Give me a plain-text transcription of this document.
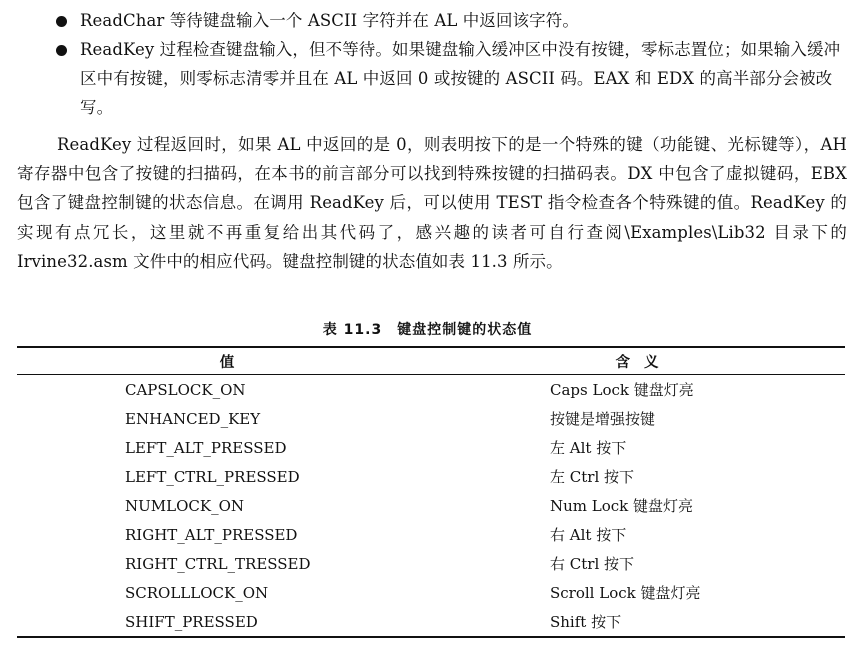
ReadChar 等待键盘输入一个 ASCII 字符并在 AL 中返回该字符。
ReadKey 过程检查键盘输入，但不等待。如果键盘输入缓冲区中没有按键，零标志置位；如果输入缓冲区中有按键，则零标志清零并且在 AL 中返回 0 或按键的 ASCII 码。EAX 和 EDX 的高半部分会被改写。

ReadKey 过程返回时，如果 AL 中返回的是 0，则表明按下的是一个特殊的键（功能键、光标键等），AH 寄存器中包含了按键的扫描码，在本书的前言部分可以找到特殊按键的扫描码表。DX 中包含了虚拟键码，EBX 包含了键盘控制键的状态信息。在调用 ReadKey 后，可以使用 TEST 指令检查各个特殊键的值。ReadKey 的实现有点冗长，这里就不再重复给出其代码了，感兴趣的读者可自行查阅\Examples\Lib32 目录下的 Irvine32.asm 文件中的相应代码。键盘控制键的状态值如表 11.3 所示。

表 11.3　键盘控制键的状态值
值	含义
CAPSLOCK_ON	Caps Lock 键盘灯亮
ENHANCED_KEY	按键是增强按键
LEFT_ALT_PRESSED	左 Alt 按下
LEFT_CTRL_PRESSED	左 Ctrl 按下
NUMLOCK_ON	Num Lock 键盘灯亮
RIGHT_ALT_PRESSED	右 Alt 按下
RIGHT_CTRL_TRESSED	右 Ctrl 按下
SCROLLLOCK_ON	Scroll Lock 键盘灯亮
SHIFT_PRESSED	Shift 按下
